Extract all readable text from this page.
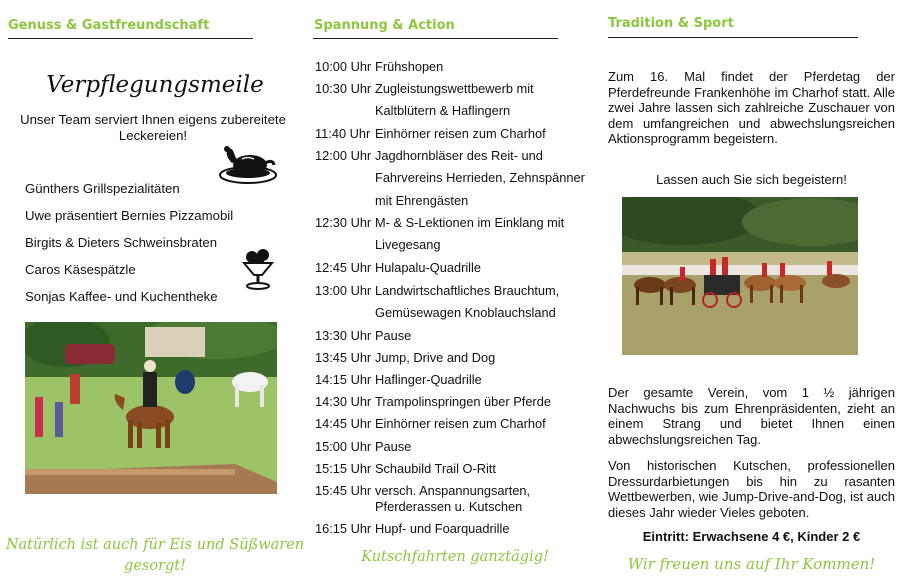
Genuss & Gastfreundschaft
Verpflegungsmeile
Unser Team serviert Ihnen eigens zubereitete Leckereien!
Günthers Grillspezialitäten
Uwe präsentiert Bernies Pizzamobil
Birgits & Dieters Schweinsbraten
Caros Käsespätzle
Sonjas Kaffee- und Kuchentheke
Natürlich ist auch für Eis und Süßwaren gesorgt!
Spannung & Action
10:00 Uhr Frühshopen
10:30 Uhr Zugleistungswettbewerb mit
Kaltblütern & Haflingern
11:40 Uhr Einhörner reisen zum Charhof
12:00 Uhr Jagdhornbläser des Reit- und
Fahrvereins Herrieden, Zehnspänner
mit Ehrengästen
12:30 Uhr M- & S-Lektionen im Einklang mit
Livegesang
12:45 Uhr Hulapalu-Quadrille
13:00 Uhr Landwirtschaftliches Brauchtum,
Gemüsewagen Knoblauchsland
13:30 Uhr Pause
13:45 Uhr Jump, Drive and Dog
14:15 Uhr Haflinger-Quadrille
14:30 Uhr Trampolinspringen über Pferde
14:45 Uhr Einhörner reisen zum Charhof
15:00 Uhr Pause
15:15 Uhr Schaubild Trail O-Ritt
15:45 Uhr versch. Anspannungsarten,
Pferderassen u. Kutschen
16:15 Uhr Hupf- und Foarquadrille
Kutschfahrten ganztägig!
Tradition & Sport
Zum 16. Mal findet der Pferdetag der Pferdefreunde Frankenhöhe im Charhof statt. Alle zwei Jahre lassen sich zahlreiche Zuschauer von dem umfangreichen und abwechslungsreichen Aktionsprogramm begeistern.
Lassen auch Sie sich begeistern!
Der gesamte Verein, vom 1 ½ jährigen Nachwuchs bis zum Ehrenpräsidenten, zieht an einem Strang und bietet Ihnen einen abwechslungsreichen Tag.
Von historischen Kutschen, professionellen Dressurdarbietungen bis hin zu rasanten Wettbewerben, wie Jump-Drive-and-Dog, ist auch dieses Jahr wieder Vieles geboten.
Eintritt: Erwachsene 4 €, Kinder 2 €
Wir freuen uns auf Ihr Kommen!
